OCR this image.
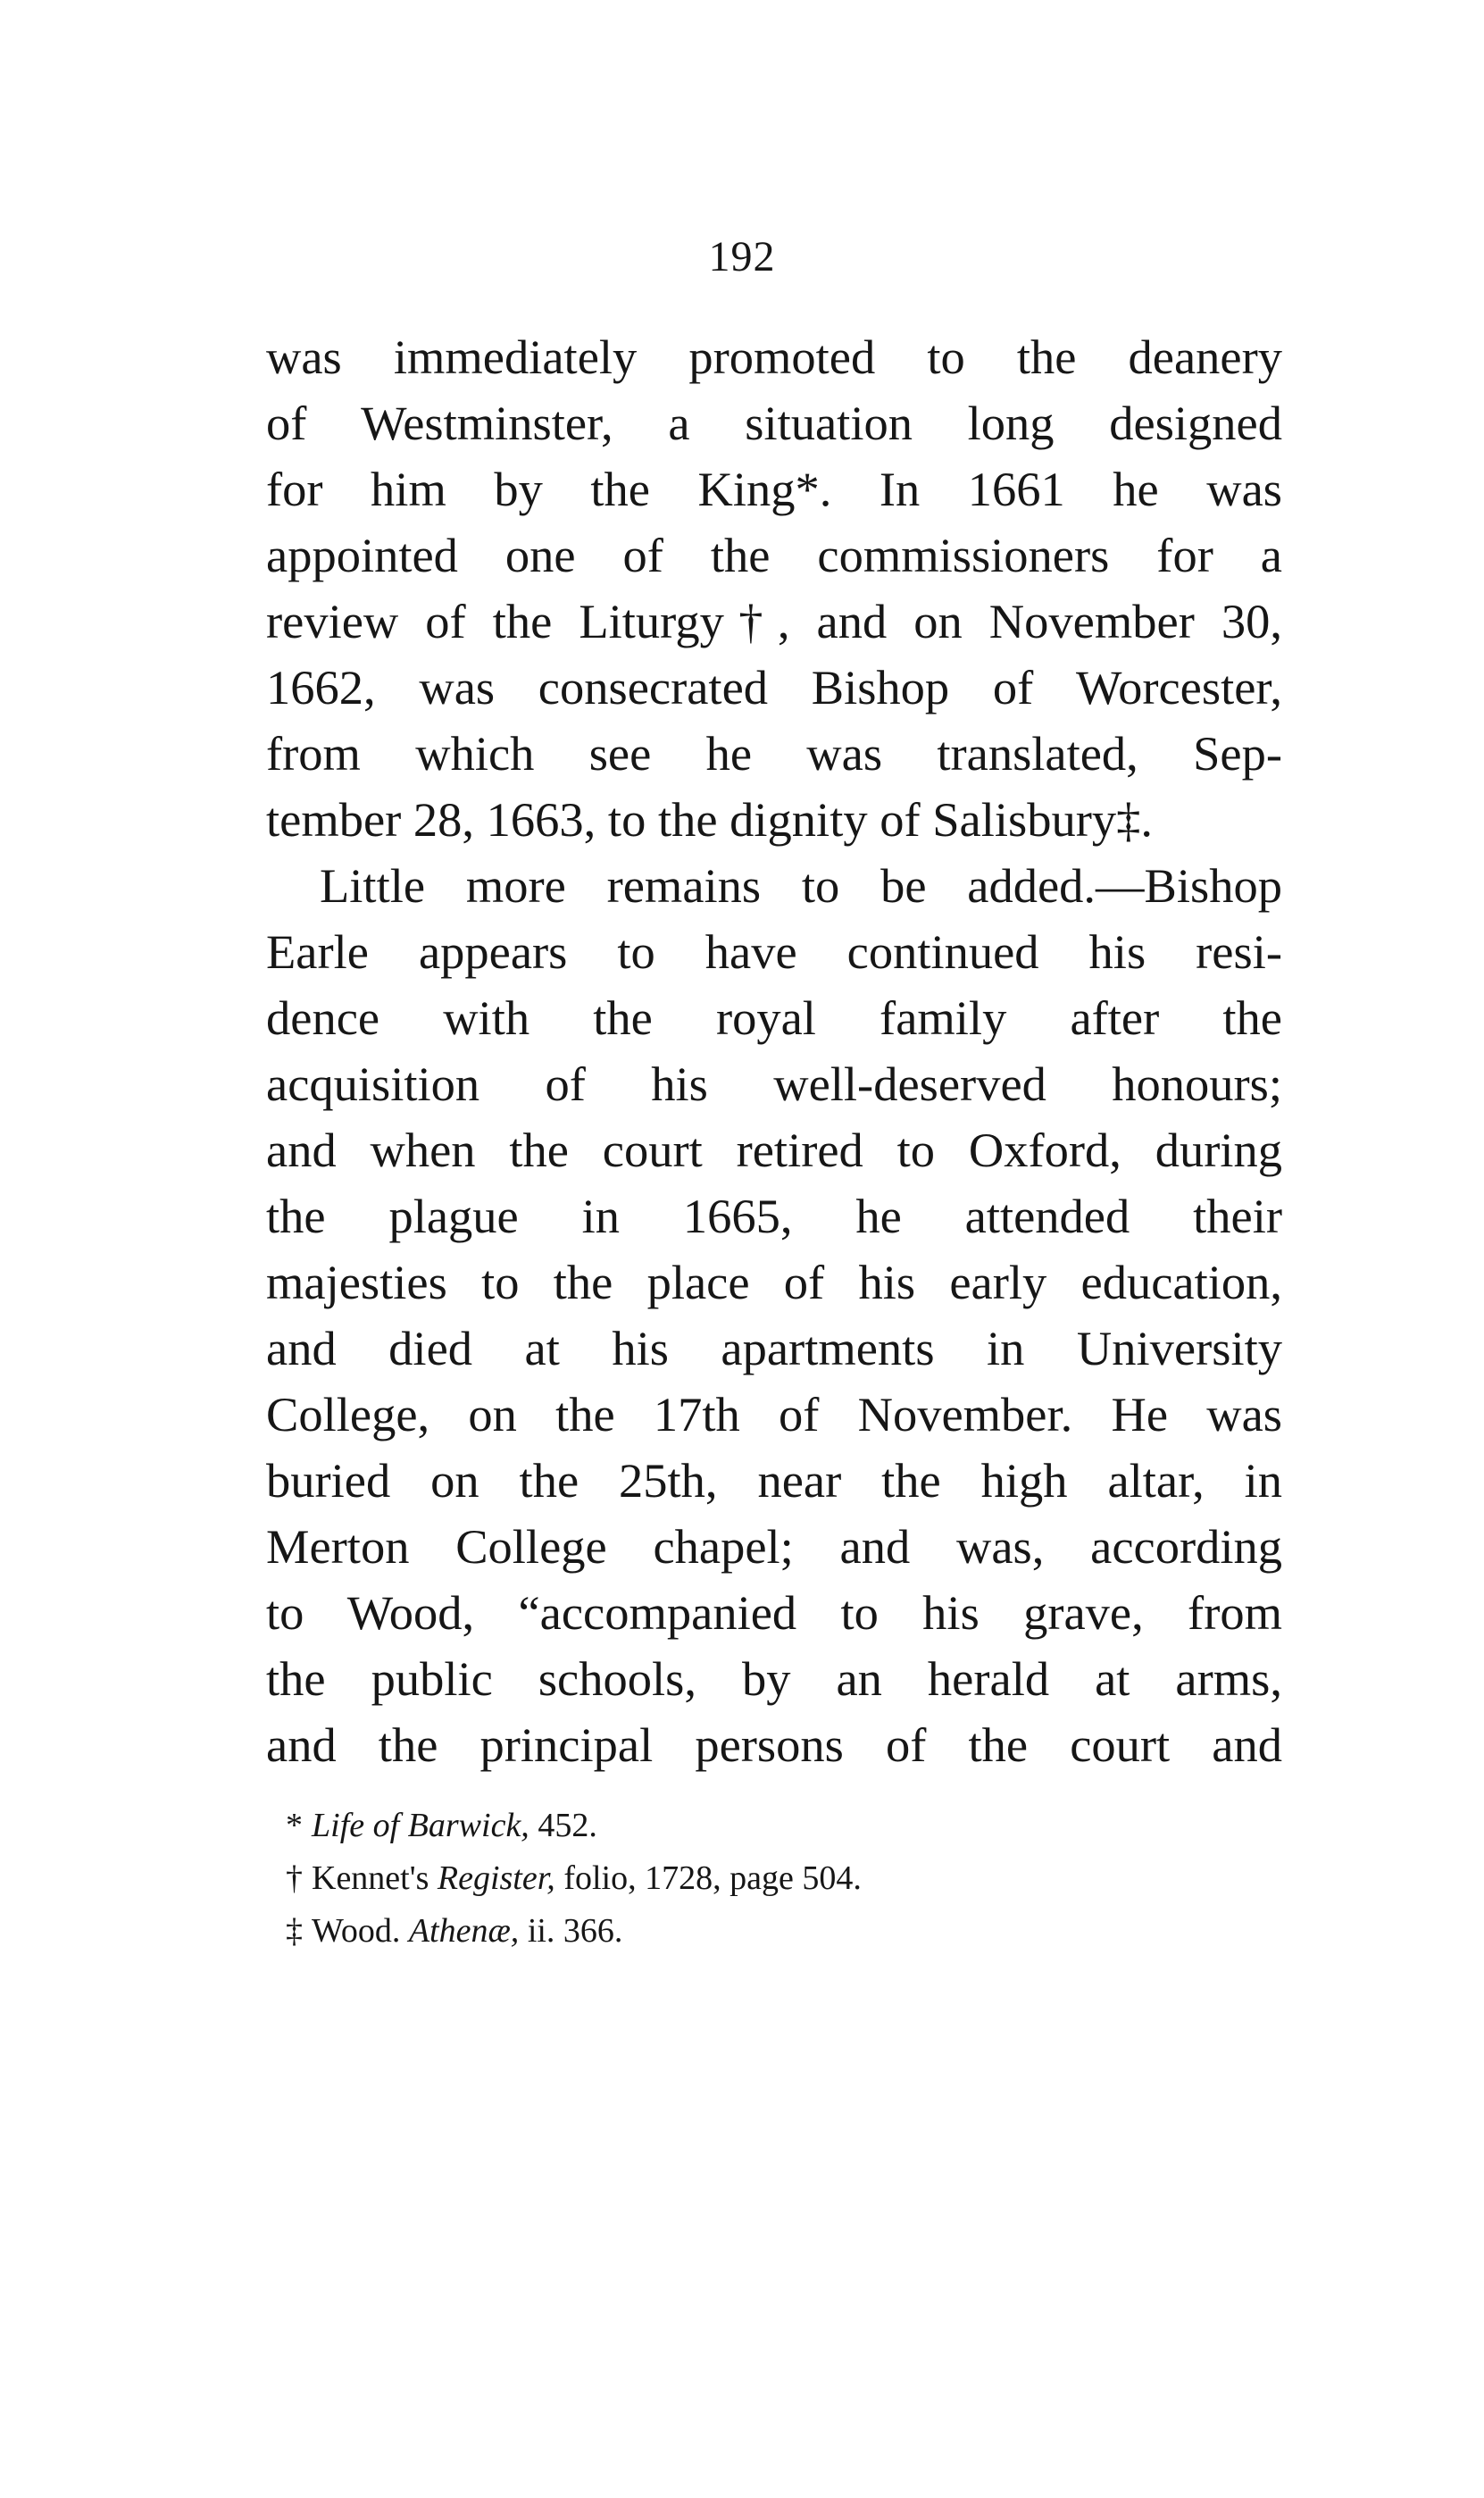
192
was immediately promoted to the deanery
of Westminster, a situation long designed
for him by the King*. In 1661 he was
appointed one of the commissioners for a
review of the Liturgy†, and on November 30,
1662, was consecrated Bishop of Worcester,
from which see he was translated, Sep-
tember 28, 1663, to the dignity of Salisbury‡.
Little more remains to be added.—Bishop
Earle appears to have continued his resi-
dence with the royal family after the
acquisition of his well-deserved honours;
and when the court retired to Oxford, during
the plague in 1665, he attended their
majesties to the place of his early education,
and died at his apartments in University
College, on the 17th of November. He was
buried on the 25th, near the high altar, in
Merton College chapel; and was, according
to Wood, “accompanied to his grave, from
the public schools, by an herald at arms,
and the principal persons of the court and
* Life of Barwick, 452.
† Kennet's Register, folio, 1728, page 504.
‡ Wood. Athenæ, ii. 366.
